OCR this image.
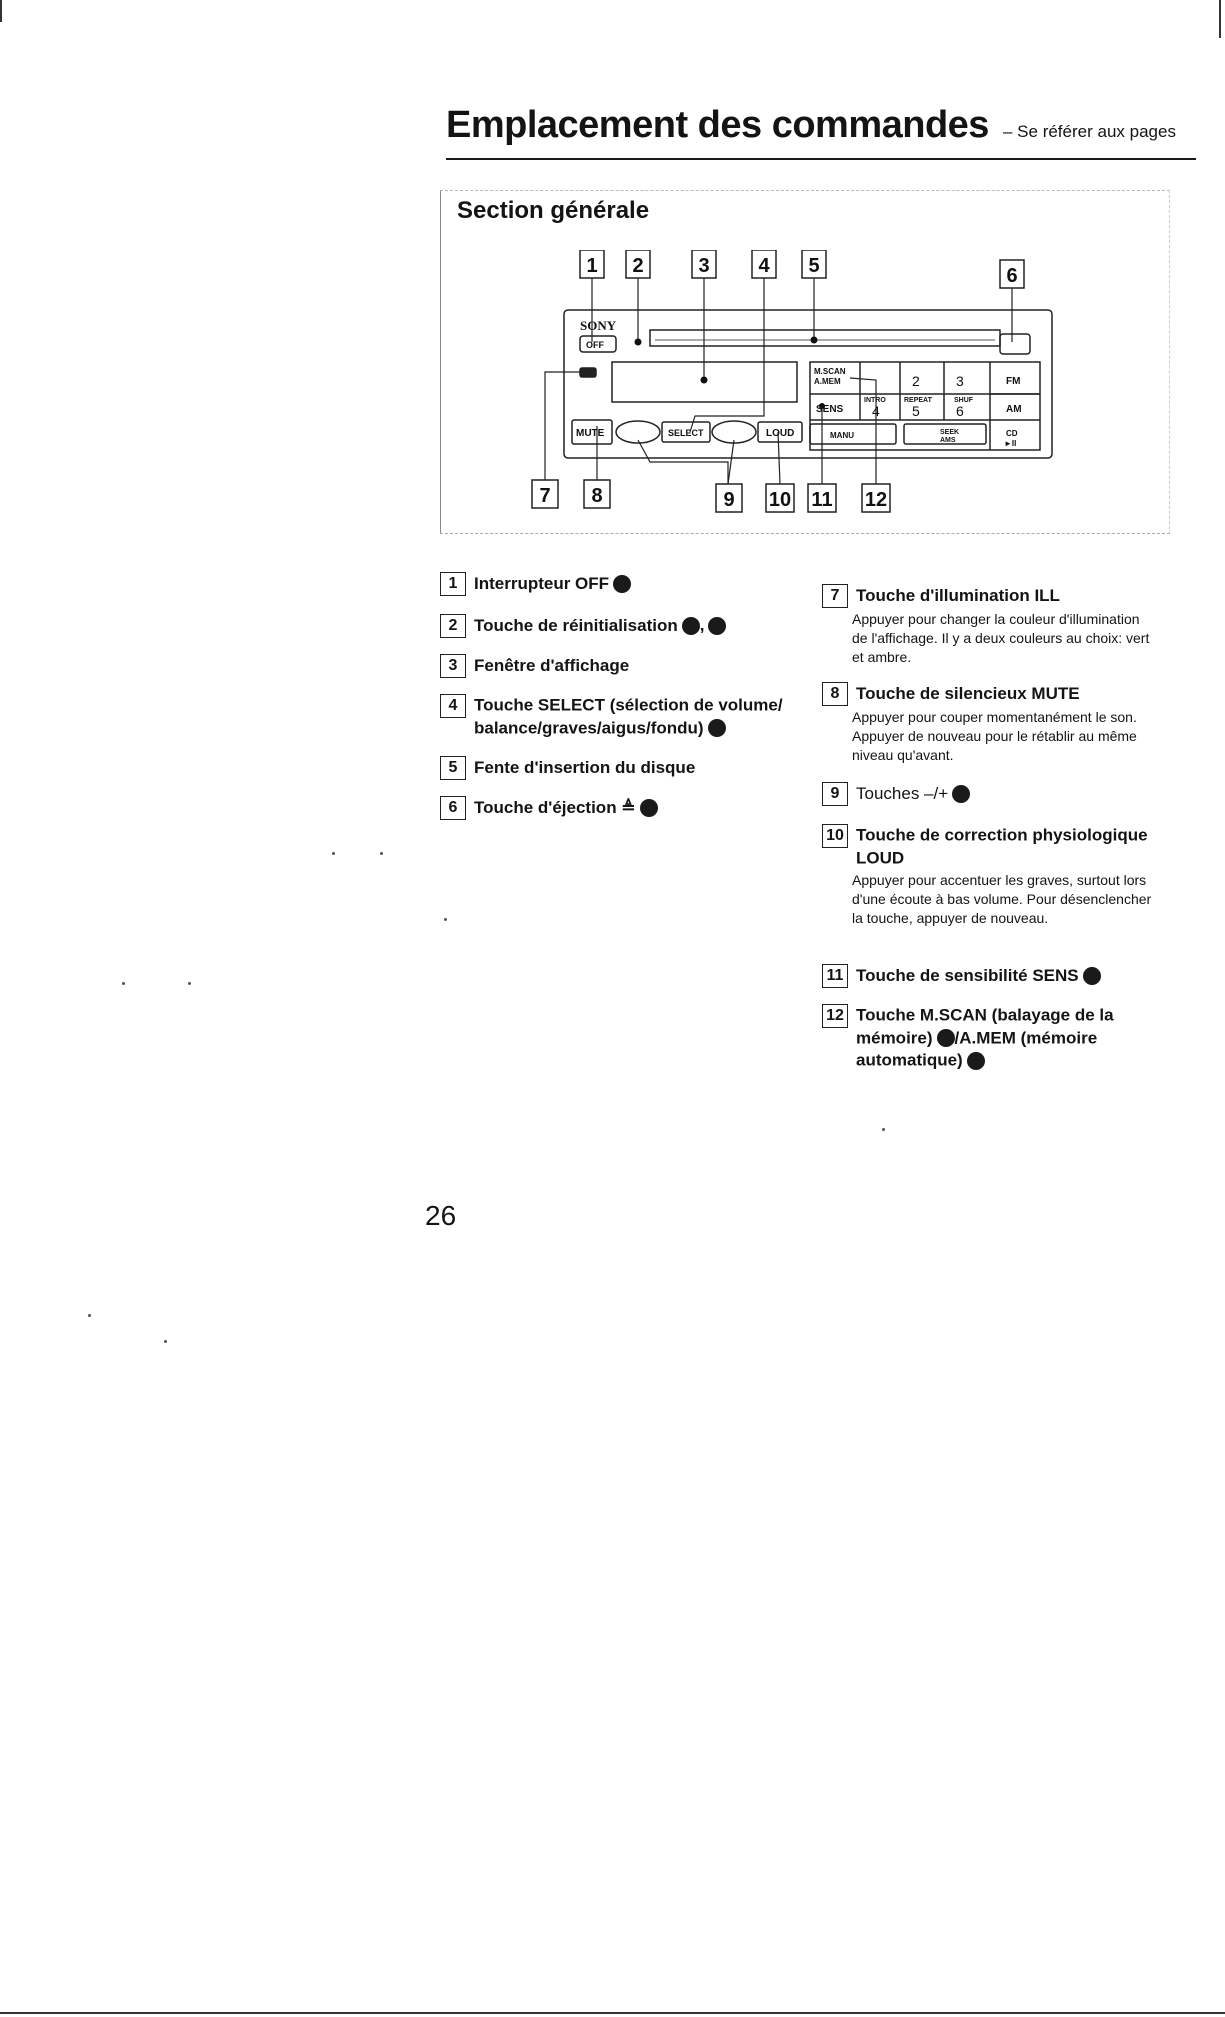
Emplacement des commandes – Se référer aux pages
Section générale
1 2	3 4 5	6
7 8	9 10 11 12
SONY
OFF
MUTE	SELECT	LOUD	MANU
M.SCAN
A.MEM
SENS
INTRO	REPEAT	SHUF
SEEK
AMS
2	3
4 5	6
FM
AM
CD
►II
1 Interrupteur OFF
2 Touche de réinitialisation ,
3 Fenêtre d'affichage
4 Touche SELECT (sélection de volume/
balance/graves/aigus/fondu)
5 Fente d'insertion du disque
6 Touche d'éjection ≜
7 Touche d'illumination ILL
Appuyer pour changer la couleur d'illumination de l'affichage. Il y a deux couleurs au choix: vert et ambre.
8 Touche de silencieux MUTE
Appuyer pour couper momentanément le son. Appuyer de nouveau pour le rétablir au même niveau qu'avant.
9 Touches –/+
10 Touche de correction physiologique
LOUD
Appuyer pour accentuer les graves, surtout lors d'une écoute à bas volume. Pour désenclencher la touche, appuyer de nouveau.
11 Touche de sensibilité SENS
12 Touche M.SCAN (balayage de la
mémoire) /A.MEM (mémoire
automatique)
26
